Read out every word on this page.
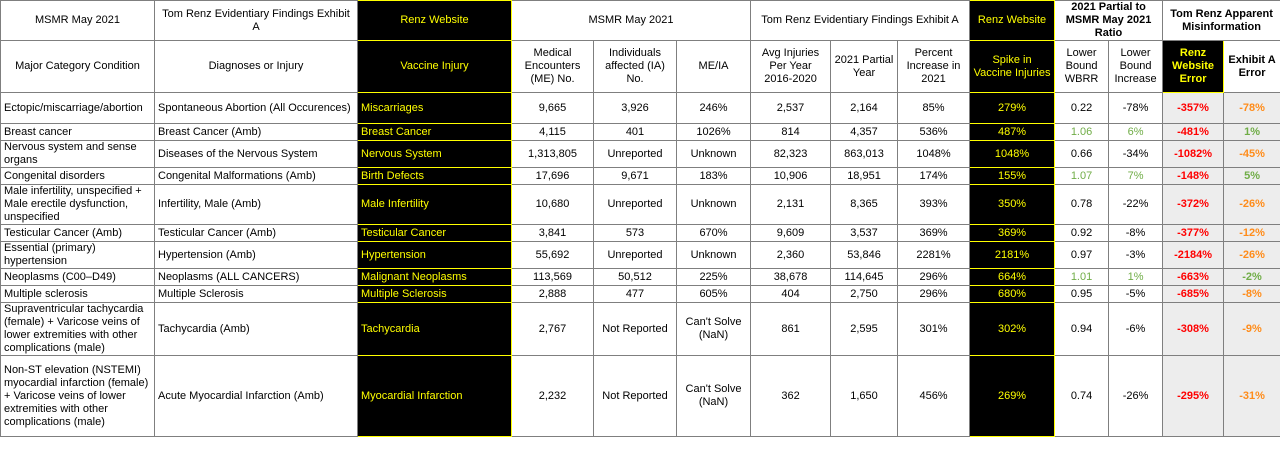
MSMR May 2021	Tom Renz Evidentiary Findings Exhibit A	Renz Website	MSMR May 2021			Tom Renz Evidentiary Findings Exhibit A			Renz Website	2021 Partial to MSMR May 2021 Ratio		Tom Renz Apparent Misinformation	
Major Category Condition	Diagnoses or Injury	Vaccine Injury	Medical Encounters (ME) No.	Individuals affected (IA) No.	ME/IA	Avg Injuries Per Year 2016-2020	2021 Partial Year	Percent Increase in 2021	Spike in Vaccine Injuries	Lower Bound WBRR	Lower Bound Increase	Renz Website Error	Exhibit A Error
Ectopic/miscarriage/abortion	Spontaneous Abortion (All Occurences)	Miscarriages	9,665	3,926	246%	2,537	2,164	85%	279%	0.22	-78%	-357%	-78%
Breast cancer	Breast Cancer (Amb)	Breast Cancer	4,115	401	1026%	814	4,357	536%	487%	1.06	6%	-481%	1%
Nervous system and sense organs	Diseases of the Nervous System	Nervous System	1,313,805	Unreported	Unknown	82,323	863,013	1048%	1048%	0.66	-34%	-1082%	-45%
Congenital disorders	Congenital Malformations (Amb)	Birth Defects	17,696	9,671	183%	10,906	18,951	174%	155%	1.07	7%	-148%	5%
Male infertility, unspecified + Male erectile dysfunction, unspecified	Infertility, Male (Amb)	Male Infertility	10,680	Unreported	Unknown	2,131	8,365	393%	350%	0.78	-22%	-372%	-26%
Testicular Cancer (Amb)	Testicular Cancer (Amb)	Testicular Cancer	3,841	573	670%	9,609	3,537	369%	369%	0.92	-8%	-377%	-12%
Essential (primary) hypertension	Hypertension (Amb)	Hypertension	55,692	Unreported	Unknown	2,360	53,846	2281%	2181%	0.97	-3%	-2184%	-26%
Neoplasms (C00–D49)	Neoplasms (ALL CANCERS)	Malignant Neoplasms	113,569	50,512	225%	38,678	114,645	296%	664%	1.01	1%	-663%	-2%
Multiple sclerosis	Multiple Sclerosis	Multiple Sclerosis	2,888	477	605%	404	2,750	296%	680%	0.95	-5%	-685%	-8%
Supraventricular tachycardia (female) + Varicose veins of lower extremities with other complications (male)	Tachycardia (Amb)	Tachycardia	2,767	Not Reported	Can't Solve (NaN)	861	2,595	301%	302%	0.94	-6%	-308%	-9%
Non-ST elevation (NSTEMI) myocardial infarction (female) + Varicose veins of lower extremities with other complications (male)	Acute Myocardial Infarction (Amb)	Myocardial Infarction	2,232	Not Reported	Can't Solve (NaN)	362	1,650	456%	269%	0.74	-26%	-295%	-31%
